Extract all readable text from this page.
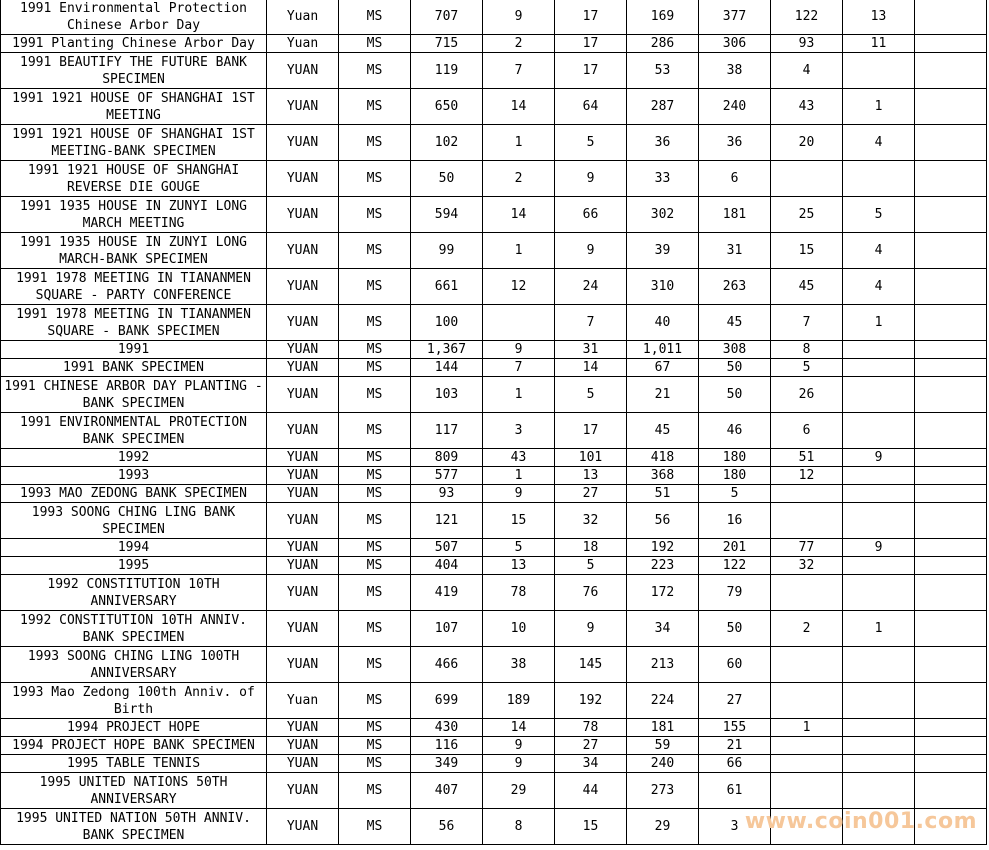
1991 Environmental Protection Chinese Arbor Day	Yuan	MS	707	9	17	169	377	122	13	
1991 Planting Chinese Arbor Day	Yuan	MS	715	2	17	286	306	93	11	
1991 BEAUTIFY THE FUTURE BANK SPECIMEN	YUAN	MS	119	7	17	53	38	4		
1991 1921 HOUSE OF SHANGHAI 1ST MEETING	YUAN	MS	650	14	64	287	240	43	1	
1991 1921 HOUSE OF SHANGHAI 1ST MEETING-BANK SPECIMEN	YUAN	MS	102	1	5	36	36	20	4	
1991 1921 HOUSE OF SHANGHAI REVERSE DIE GOUGE	YUAN	MS	50	2	9	33	6			
1991 1935 HOUSE IN ZUNYI LONG MARCH MEETING	YUAN	MS	594	14	66	302	181	25	5	
1991 1935 HOUSE IN ZUNYI LONG MARCH-BANK SPECIMEN	YUAN	MS	99	1	9	39	31	15	4	
1991 1978 MEETING IN TIANANMEN SQUARE - PARTY CONFERENCE	YUAN	MS	661	12	24	310	263	45	4	
1991 1978 MEETING IN TIANANMEN SQUARE - BANK SPECIMEN	YUAN	MS	100		7	40	45	7	1	
1991	YUAN	MS	1,367	9	31	1,011	308	8		
1991 BANK SPECIMEN	YUAN	MS	144	7	14	67	50	5		
1991 CHINESE ARBOR DAY PLANTING - BANK SPECIMEN	YUAN	MS	103	1	5	21	50	26		
1991 ENVIRONMENTAL PROTECTION BANK SPECIMEN	YUAN	MS	117	3	17	45	46	6		
1992	YUAN	MS	809	43	101	418	180	51	9	
1993	YUAN	MS	577	1	13	368	180	12		
1993 MAO ZEDONG BANK SPECIMEN	YUAN	MS	93	9	27	51	5			
1993 SOONG CHING LING BANK SPECIMEN	YUAN	MS	121	15	32	56	16			
1994	YUAN	MS	507	5	18	192	201	77	9	
1995	YUAN	MS	404	13	5	223	122	32		
1992 CONSTITUTION 10TH ANNIVERSARY	YUAN	MS	419	78	76	172	79			
1992 CONSTITUTION 10TH ANNIV. BANK SPECIMEN	YUAN	MS	107	10	9	34	50	2	1	
1993 SOONG CHING LING 100TH ANNIVERSARY	YUAN	MS	466	38	145	213	60			
1993 Mao Zedong 100th Anniv. of Birth	Yuan	MS	699	189	192	224	27			
1994 PROJECT HOPE	YUAN	MS	430	14	78	181	155	1		
1994 PROJECT HOPE BANK SPECIMEN	YUAN	MS	116	9	27	59	21			
1995 TABLE TENNIS	YUAN	MS	349	9	34	240	66			
1995 UNITED NATIONS 50TH ANNIVERSARY	YUAN	MS	407	29	44	273	61			
1995 UNITED NATION 50TH ANNIV. BANK SPECIMEN	YUAN	MS	56	8	15	29	3			www.coin001.com
